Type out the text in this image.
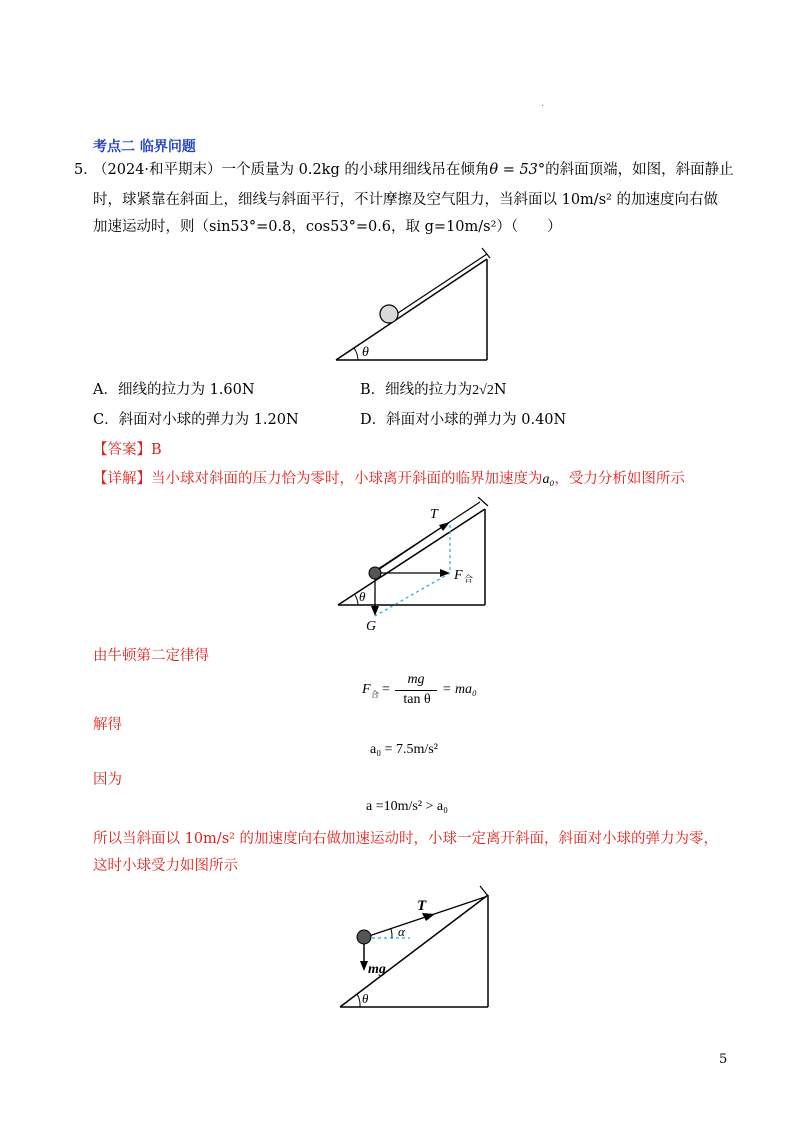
.
考点二 临界问题
5．
（2024·和平期末）一个质量为 0.2kg 的小球用细线吊在倾角θ = 53°的斜面顶端，如图，斜面静止
时，球紧靠在斜面上，细线与斜面平行，不计摩擦及空气阻力，当斜面以 10m/s² 的加速度向右做
加速运动时，则（sin53°=0.8，cos53°=0.6，取 g=10m/s²）（　　）
θ
A．细线的拉力为 1.60N	B．细线的拉力为2√2N
C．斜面对小球的弹力为 1.20N	D．斜面对小球的弹力为 0.40N
【答案】B
【详解】当小球对斜面的压力恰为零时，小球离开斜面的临界加速度为a₀，受力分析如图所示
θ
T
F 合
G
由牛顿第二定律得
F 合 =
mg
tan θ
= ma₀
解得
a₀ = 7.5m/s²
因为
a =10m/s² > a₀
所以当斜面以 10m/s² 的加速度向右做加速运动时，小球一定离开斜面，斜面对小球的弹力为零，
这时小球受力如图所示
θ
T
α
mg
5
